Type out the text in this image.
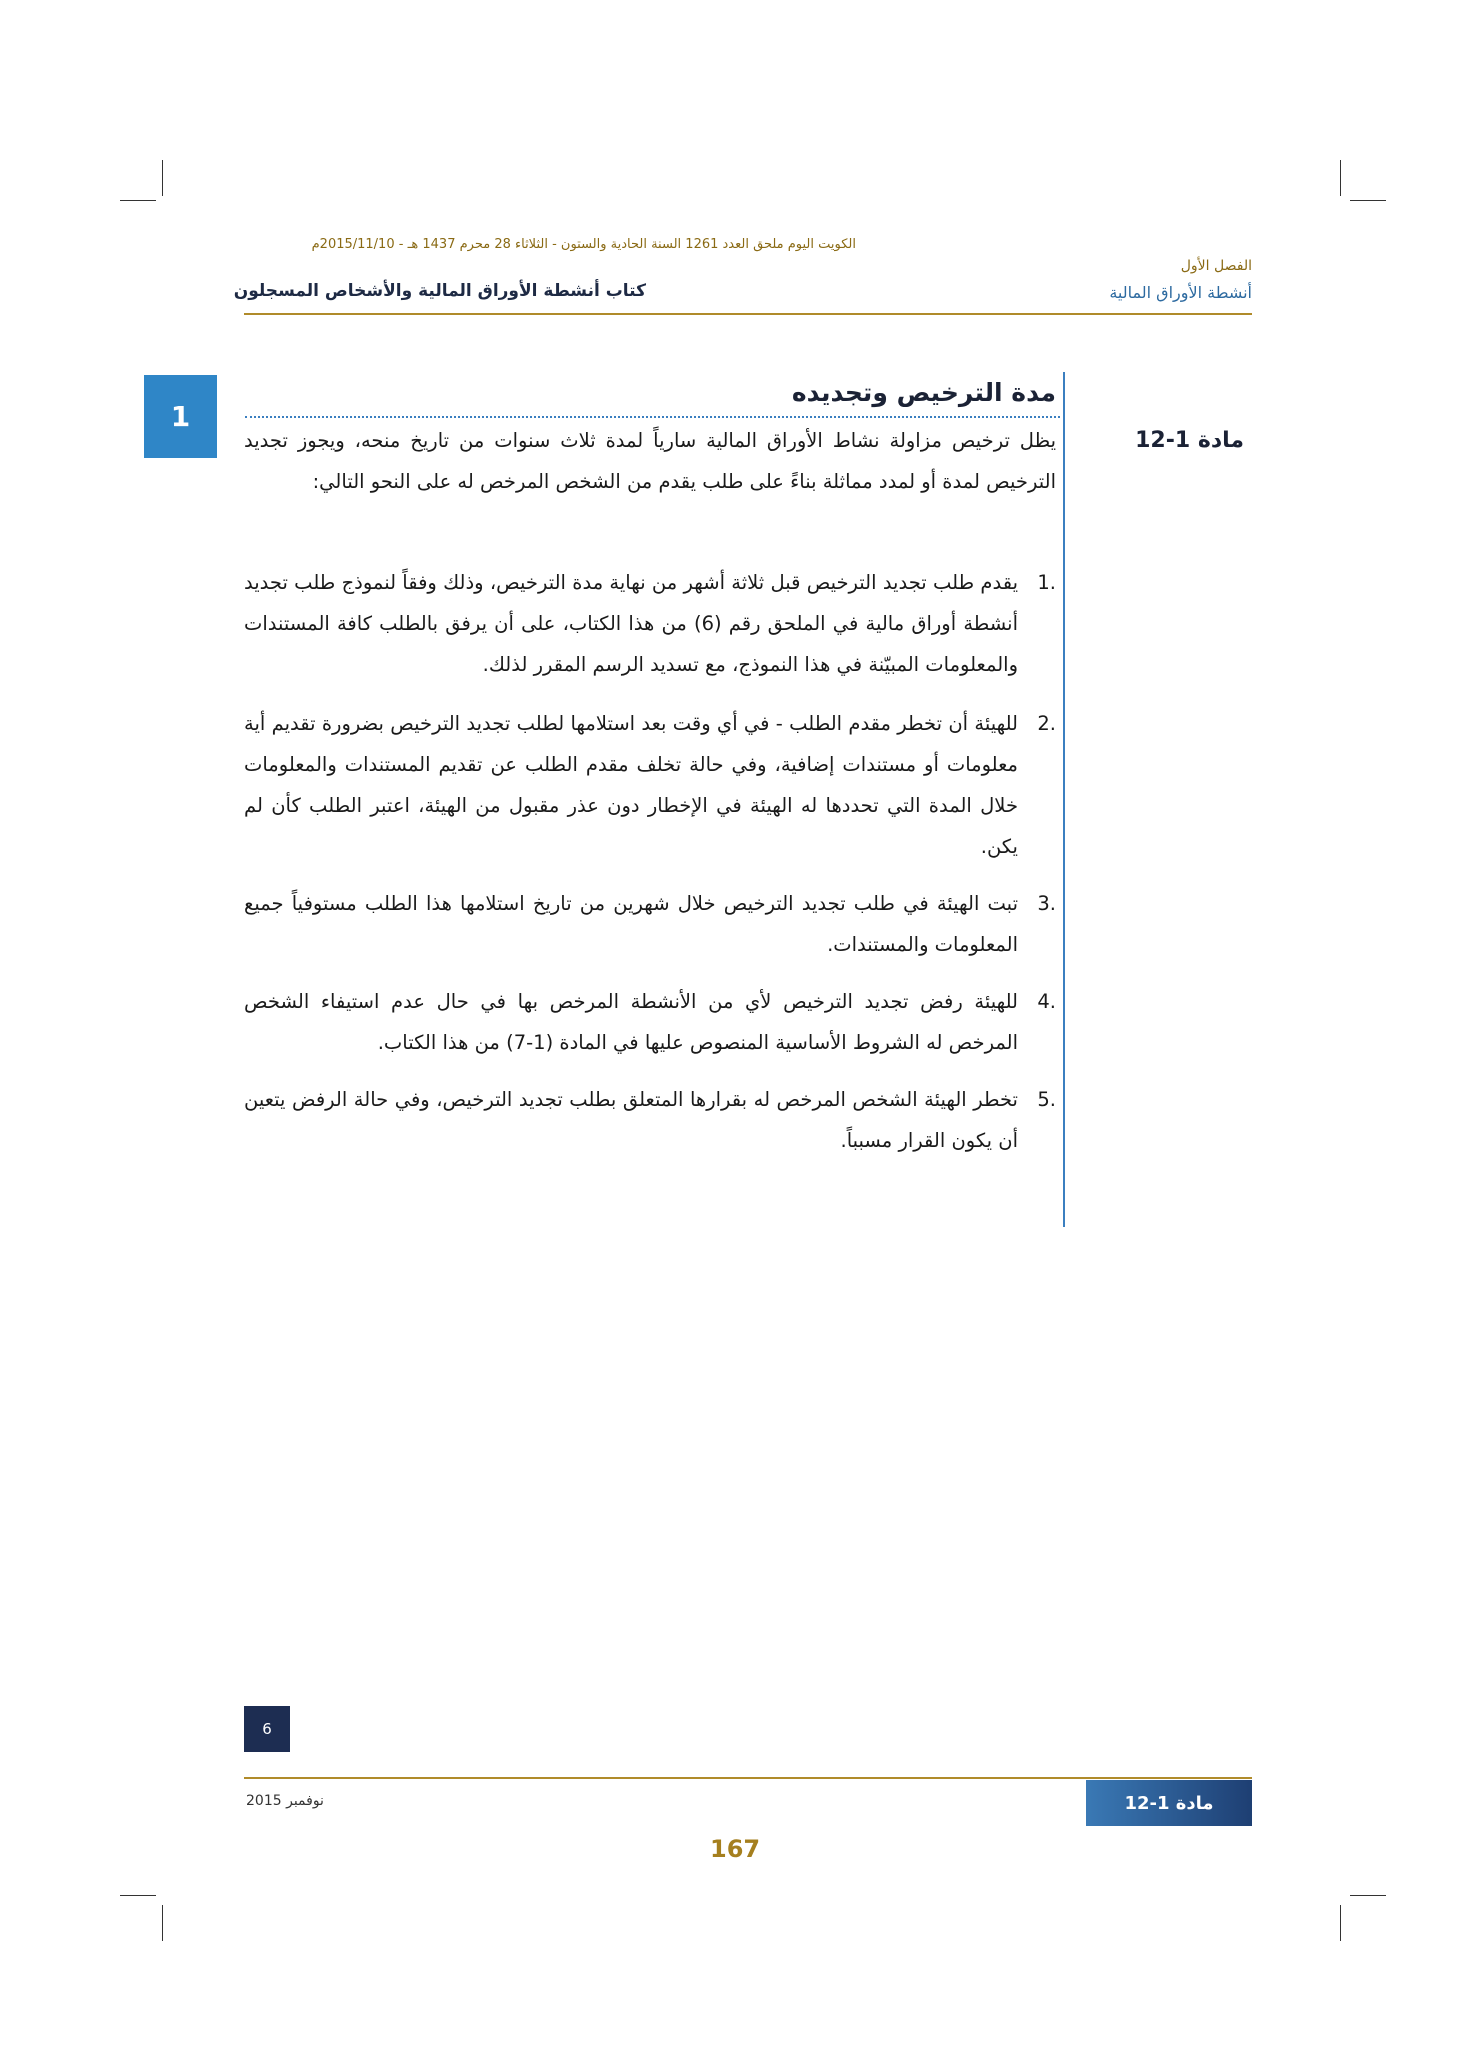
الكويت اليوم ملحق العدد 1261 السنة الحادية والستون - الثلاثاء 28 محرم 1437 هـ - 2015/11/10م
الفصل الأول
أنشطة الأوراق المالية
كتاب أنشطة الأوراق المالية والأشخاص المسجلون
1
مدة الترخيص وتجديده
مادة 1-12
يظل ترخيص مزاولة نشاط الأوراق المالية سارياً لمدة ثلاث سنوات من تاريخ منحه، ويجوز تجديد الترخيص لمدة أو لمدد مماثلة بناءً على طلب يقدم من الشخص المرخص له على النحو التالي:
.1
يقدم طلب تجديد الترخيص قبل ثلاثة أشهر من نهاية مدة الترخيص، وذلك وفقاً لنموذج طلب تجديد أنشطة أوراق مالية في الملحق رقم (6) من هذا الكتاب، على أن يرفق بالطلب كافة المستندات والمعلومات المبيّنة في هذا النموذج، مع تسديد الرسم المقرر لذلك.
.2
للهيئة أن تخطر مقدم الطلب - في أي وقت بعد استلامها لطلب تجديد الترخيص بضرورة تقديم أية معلومات أو مستندات إضافية، وفي حالة تخلف مقدم الطلب عن تقديم المستندات والمعلومات خلال المدة التي تحددها له الهيئة في الإخطار دون عذر مقبول من الهيئة، اعتبر الطلب كأن لم يكن.
.3
تبت الهيئة في طلب تجديد الترخيص خلال شهرين من تاريخ استلامها هذا الطلب مستوفياً جميع المعلومات والمستندات.
.4
للهيئة رفض تجديد الترخيص لأي من الأنشطة المرخص بها في حال عدم استيفاء الشخص المرخص له الشروط الأساسية المنصوص عليها في المادة (1-7) من هذا الكتاب.
.5
تخطر الهيئة الشخص المرخص له بقرارها المتعلق بطلب تجديد الترخيص، وفي حالة الرفض يتعين أن يكون القرار مسبباً.
6
نوفمبر 2015	مادة 1-12
167
